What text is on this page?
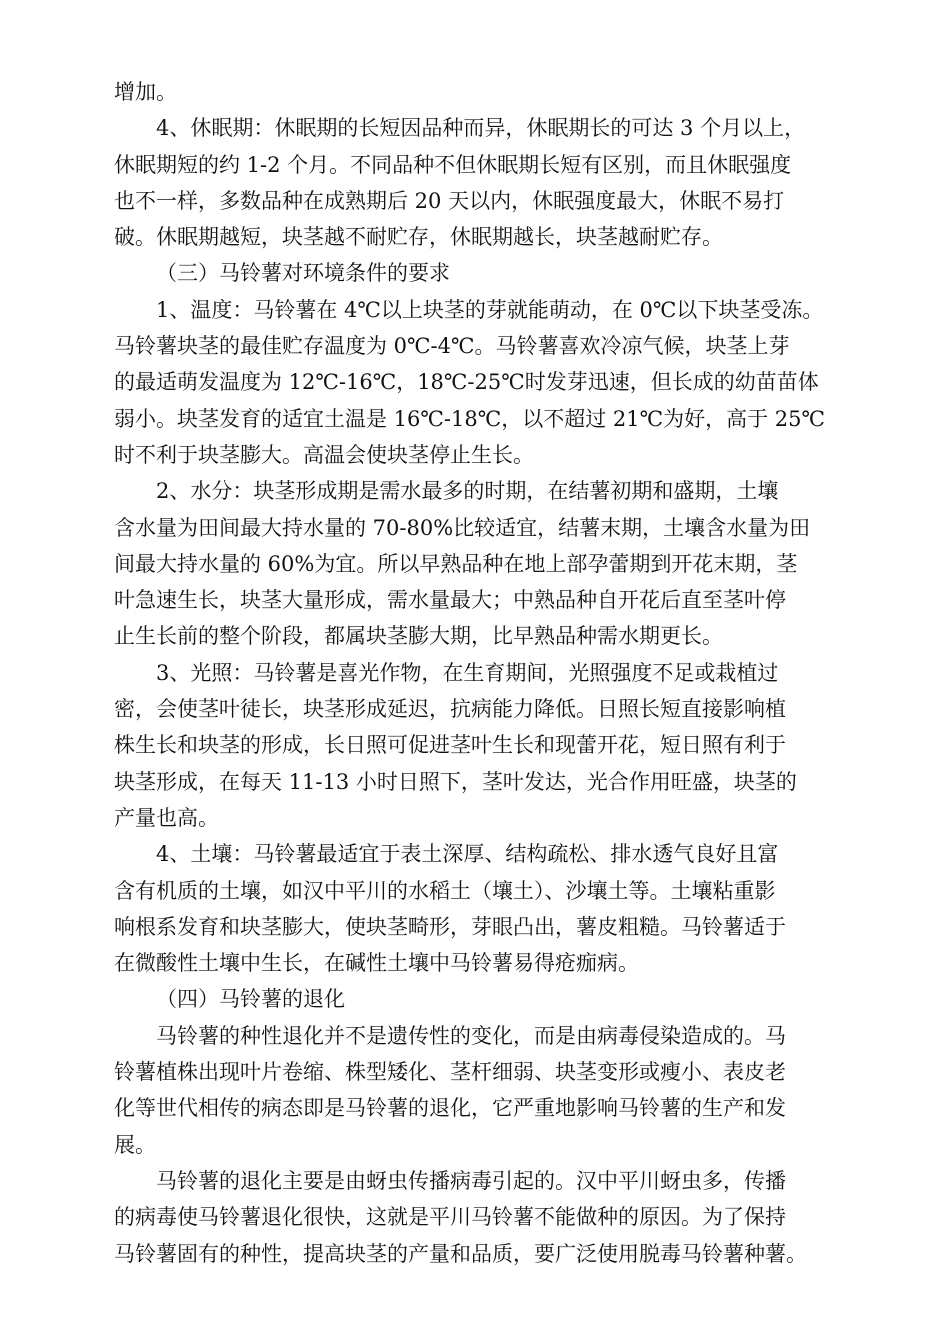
增加。
4、休眠期：休眠期的长短因品种而异，休眠期长的可达 3 个月以上，
休眠期短的约 1-2 个月。不同品种不但休眠期长短有区别，而且休眠强度
也不一样，多数品种在成熟期后 20 天以内，休眠强度最大，休眠不易打
破。休眠期越短，块茎越不耐贮存，休眠期越长，块茎越耐贮存。
（三）马铃薯对环境条件的要求
1、温度：马铃薯在 4℃以上块茎的芽就能萌动，在 0℃以下块茎受冻。
马铃薯块茎的最佳贮存温度为 0℃-4℃。马铃薯喜欢冷凉气候，块茎上芽
的最适萌发温度为 12℃-16℃，18℃-25℃时发芽迅速，但长成的幼苗苗体
弱小。块茎发育的适宜土温是 16℃-18℃，以不超过 21℃为好，高于 25℃
时不利于块茎膨大。高温会使块茎停止生长。
2、水分：块茎形成期是需水最多的时期，在结薯初期和盛期，土壤
含水量为田间最大持水量的 70-80%比较适宜，结薯末期，土壤含水量为田
间最大持水量的 60%为宜。所以早熟品种在地上部孕蕾期到开花末期，茎
叶急速生长，块茎大量形成，需水量最大；中熟品种自开花后直至茎叶停
止生长前的整个阶段，都属块茎膨大期，比早熟品种需水期更长。
3、光照：马铃薯是喜光作物，在生育期间，光照强度不足或栽植过
密，会使茎叶徒长，块茎形成延迟，抗病能力降低。日照长短直接影响植
株生长和块茎的形成，长日照可促进茎叶生长和现蕾开花，短日照有利于
块茎形成，在每天 11-13 小时日照下，茎叶发达，光合作用旺盛，块茎的
产量也高。
4、土壤：马铃薯最适宜于表土深厚、结构疏松、排水透气良好且富
含有机质的土壤，如汉中平川的水稻土（壤土）、沙壤土等。土壤粘重影
响根系发育和块茎膨大，使块茎畸形，芽眼凸出，薯皮粗糙。马铃薯适于
在微酸性土壤中生长，在碱性土壤中马铃薯易得疮痂病。
（四）马铃薯的退化
马铃薯的种性退化并不是遗传性的变化，而是由病毒侵染造成的。马
铃薯植株出现叶片卷缩、株型矮化、茎杆细弱、块茎变形或瘦小、表皮老
化等世代相传的病态即是马铃薯的退化，它严重地影响马铃薯的生产和发
展。
马铃薯的退化主要是由蚜虫传播病毒引起的。汉中平川蚜虫多，传播
的病毒使马铃薯退化很快，这就是平川马铃薯不能做种的原因。为了保持
马铃薯固有的种性，提高块茎的产量和品质，要广泛使用脱毒马铃薯种薯。
